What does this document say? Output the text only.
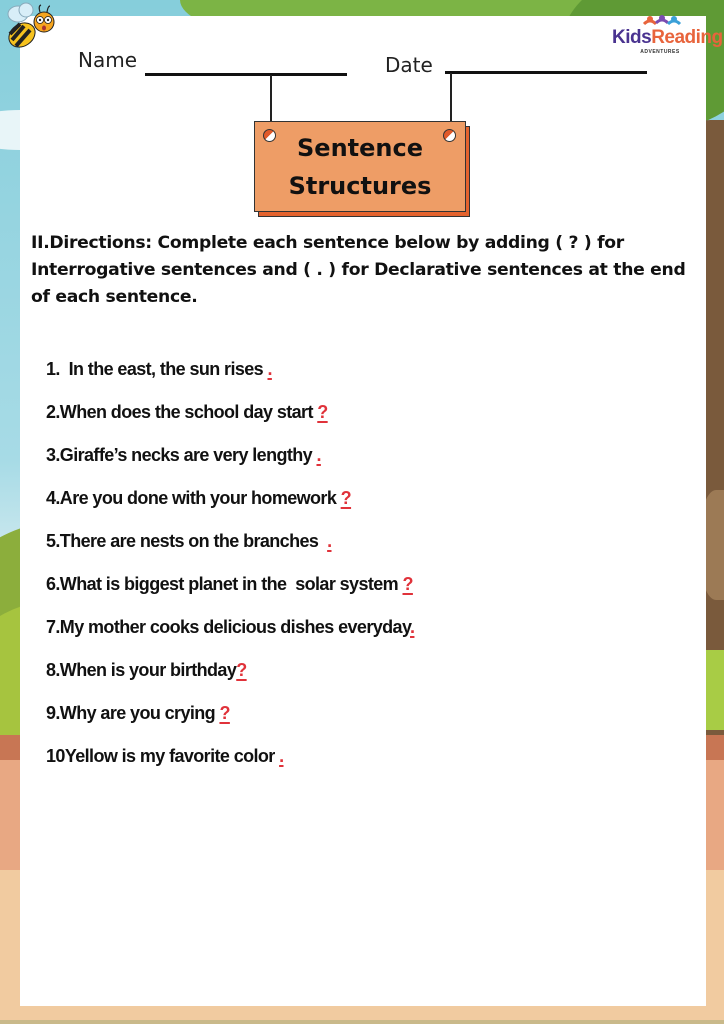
Name	Date
KidsReading
ADVENTURES
Sentence
Structures
II.Directions: Complete each sentence below by adding ( ? ) for Interrogative sentences and ( . ) for Declarative sentences at the end of each sentence.
1.  In the east, the sun rises .
2.When does the school day start ?
3.Giraffe’s necks are very lengthy .
4.Are you done with your homework ?
5.There are nests on the branches  .
6.What is biggest planet in the  solar system ?
7.My mother cooks delicious dishes everyday.
8.When is your birthday?
9.Why are you crying ?
10Yellow is my favorite color .
